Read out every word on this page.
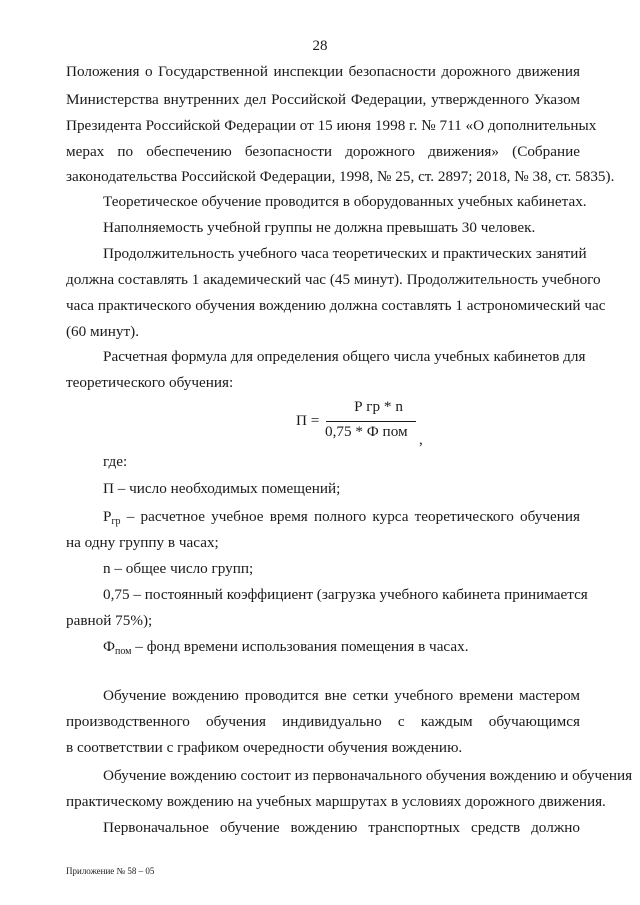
28
Положения о Государственной инспекции безопасности дорожного движения
Министерства внутренних дел Российской Федерации, утвержденного Указом
Президента Российской Федерации от 15 июня 1998 г. № 711 «О дополнительных
мерах по обеспечению безопасности дорожного движения» (Собрание
законодательства Российской Федерации, 1998, № 25, ст. 2897; 2018, № 38, ст. 5835).
Теоретическое обучение проводится в оборудованных учебных кабинетах.
Наполняемость учебной группы не должна превышать 30 человек.
Продолжительность учебного часа теоретических и практических занятий
должна составлять 1 академический час (45 минут). Продолжительность учебного
часа практического обучения вождению должна составлять 1 астрономический час
(60 минут).
Расчетная формула для определения общего числа учебных кабинетов для
теоретического обучения:
где:
П – число необходимых помещений;
$Р_{гр}$ – расчетное учебное время полного курса теоретического обучения
на одну группу в часах;
n – общее число групп;
0,75 – постоянный коэффициент (загрузка учебного кабинета принимается
равной 75%);
$Ф_{пом}$ – фонд времени использования помещения в часах.
Обучение вождению проводится вне сетки учебного времени мастером
производственного обучения индивидуально с каждым обучающимся
в соответствии с графиком очередности обучения вождению.
Обучение вождению состоит из первоначального обучения вождению и обучения
практическому вождению на учебных маршрутах в условиях дорожного движения.
Первоначальное обучение вождению транспортных средств должно
П =
Р гр * n
0,75 * Ф пом ,
Приложение № 58 – 05
